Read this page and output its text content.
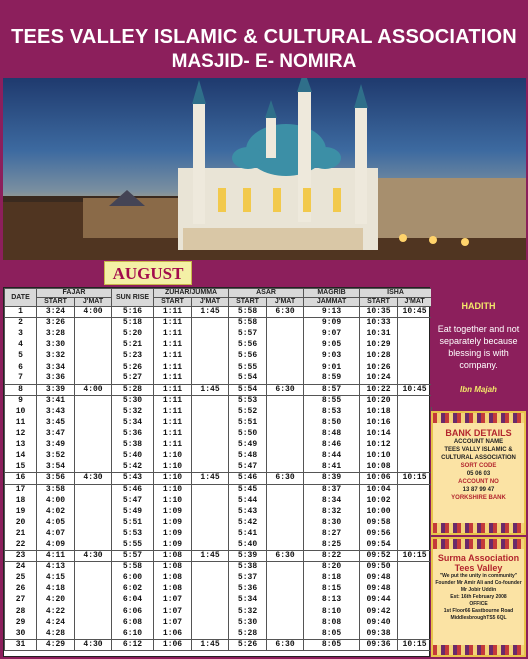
TEES VALLEY ISLAMIC & CULTURAL ASSOCIATION
MASJID- E- NOMIRA
AUGUST
DATE	FAJAR		SUN RISE	ZUHAR/JUMMA		ASAR		MAGRIB	ISHA	
	START	J'MAT		START	J'MAT	START	J'MAT	JAMMAT	START	J'MAT
1	3:24	4:00	5:16	1:11	1:45	5:58	6:30	9:13	10:35	10:45
2	3:26		5:18	1:11		5:58		9:09	10:33	
3	3:28		5:20	1:11		5:57		9:07	10:31	
4	3:30		5:21	1:11		5:56		9:05	10:29	
5	3:32		5:23	1:11		5:56		9:03	10:28	
6	3:34		5:26	1:11		5:55		9:01	10:26	
7	3:36		5:27	1:11		5:54		8:59	10:24	
8	3:39	4:00	5:28	1:11	1:45	5:54	6:30	8:57	10:22	10:45
9	3:41		5:30	1:11		5:53		8:55	10:20	
10	3:43		5:32	1:11		5:52		8:53	10:18	
11	3:45		5:34	1:11		5:51		8:50	10:16	
12	3:47		5:36	1:11		5:50		8:48	10:14	
13	3:49		5:38	1:11		5:49		8:46	10:12	
14	3:52		5:40	1:10		5:48		8:44	10:10	
15	3:54		5:42	1:10		5:47		8:41	10:08	
16	3:56	4:30	5:43	1:10	1:45	5:46	6:30	8:39	10:06	10:15
17	3:58		5:46	1:10		5:45		8:37	10:04	
18	4:00		5:47	1:10		5:44		8:34	10:02	
19	4:02		5:49	1:09		5:43		8:32	10:00	
20	4:05		5:51	1:09		5:42		8:30	09:58	
21	4:07		5:53	1:09		5:41		8:27	09:56	
22	4:09		5:55	1:09		5:40		8:25	09:54	
23	4:11	4:30	5:57	1:08	1:45	5:39	6:30	8:22	09:52	10:15
24	4:13		5:58	1:08		5:38		8:20	09:50	
25	4:15		6:00	1:08		5:37		8:18	09:48	
26	4:18		6:02	1:08		5:36		8:15	09:48	
27	4:20		6:04	1:07		5:34		8:13	09:44	
28	4:22		6:06	1:07		5:32		8:10	09:42	
29	4:24		6:08	1:07		5:30		8:08	09:40	
30	4:28		6:10	1:06		5:28		8:05	09:38	
31	4:29	4:30	6:12	1:06	1:45	5:26	6:30	8:05	09:36	10:15
HADITH
Eat together and not separately because blessing is with company.
Ibn Majah
BANK DETAILS
ACCOUNT NAME
TEES VALLY ISLAMIC & CULTURAL ASSOCIATION
SORT CODE
05 06 03
ACCOUNT NO
13 87 99 47
YORKSHIRE BANK
Surma Association Tees Valley
"We put the unity in community"
Founder Mr Amir Ali and Co-founder Mr Jobir Uddin
Est: 16th February 2008
OFFICE
1st Floor66 Eastbourne Road
MiddlesbroughTS5 6QL
